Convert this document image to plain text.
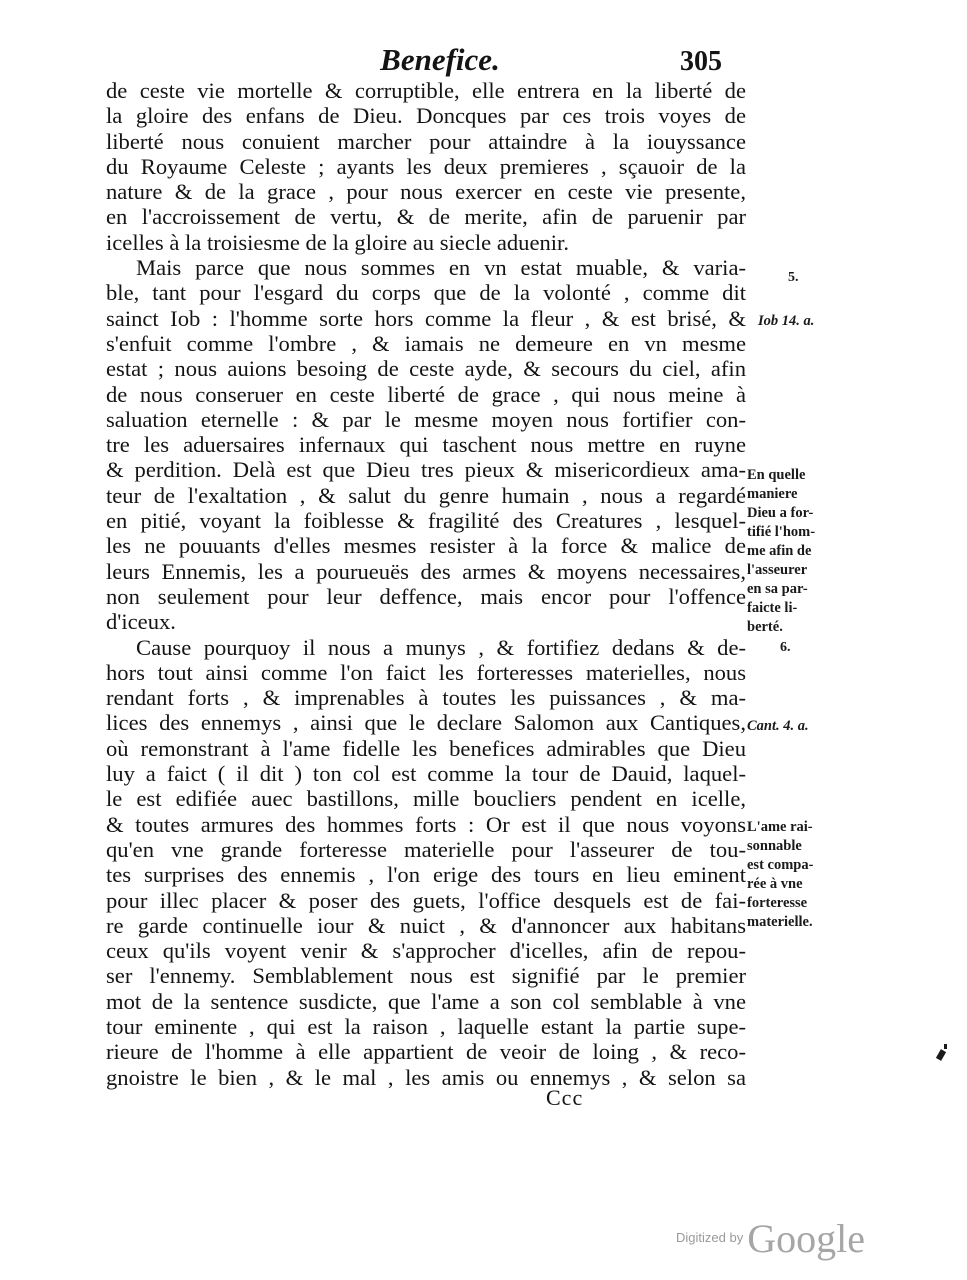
Benefice.	305
de ceste vie mortelle & corruptible, elle entrera en la liberté de
la gloire des enfans de Dieu. Doncques par ces trois voyes de
liberté nous conuient marcher pour attaindre à la iouyssance
du Royaume Celeste ; ayants les deux premieres , sçauoir de la
nature & de la grace , pour nous exercer en ceste vie presente,
en l'accroissement de vertu, & de merite, afin de paruenir par
icelles à la troisiesme de la gloire au siecle aduenir.
Mais parce que nous sommes en vn estat muable, & varia-
ble, tant pour l'esgard du corps que de la volonté , comme dit
sainct Iob : l'homme sorte hors comme la fleur , & est brisé, &
s'enfuit comme l'ombre , & iamais ne demeure en vn mesme
estat ; nous auions besoing de ceste ayde, & secours du ciel, afin
de nous conseruer en ceste liberté de grace , qui nous meine à
saluation eternelle : & par le mesme moyen nous fortifier con-
tre les aduersaires infernaux qui taschent nous mettre en ruyne
& perdition. Delà est que Dieu tres pieux & misericordieux ama-
teur de l'exaltation , & salut du genre humain , nous a regardé
en pitié, voyant la foiblesse & fragilité des Creatures , lesquel-
les ne pouuants d'elles mesmes resister à la force & malice de
leurs Ennemis, les a pourueuës des armes & moyens necessaires,
non seulement pour leur deffence, mais encor pour l'offence
d'iceux.
Cause pourquoy il nous a munys , & fortifiez dedans & de-
hors tout ainsi comme l'on faict les forteresses materielles, nous
rendant forts , & imprenables à toutes les puissances , & ma-
lices des ennemys , ainsi que le declare Salomon aux Cantiques,
où remonstrant à l'ame fidelle les benefices admirables que Dieu
luy a faict ( il dit ) ton col est comme la tour de Dauid, laquel-
le est edifiée auec bastillons, mille boucliers pendent en icelle,
& toutes armures des hommes forts : Or est il que nous voyons
qu'en vne grande forteresse materielle pour l'asseurer de tou-
tes surprises des ennemis , l'on erige des tours en lieu eminent
pour illec placer & poser des guets, l'office desquels est de fai-
re garde continuelle iour & nuict , & d'annoncer aux habitans
ceux qu'ils voyent venir & s'approcher d'icelles, afin de repou-
ser l'ennemy. Semblablement nous est signifié par le premier
mot de la sentence susdicte, que l'ame a son col semblable à vne
tour eminente , qui est la raison , laquelle estant la partie supe-
rieure de l'homme à elle appartient de veoir de loing , & reco-
gnoistre le bien , & le mal , les amis ou ennemys , & selon sa
5.
Iob 14. a.
En quelle
maniere
Dieu a for-
tifié l'hom-
me afin de
l'asseurer
en sa par-
faicte li-
berté.
6.
Cant. 4. a.
L'ame rai-
sonnable
est compa-
rée à vne
forteresse
materielle.
Ccc
$^{Digitized by}$ Google
